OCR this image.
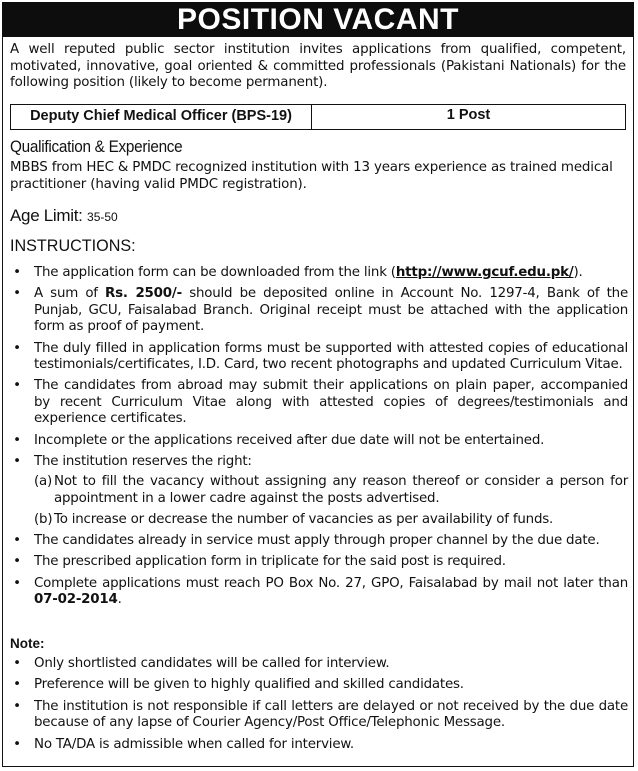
POSITION VACANT
A well reputed public sector institution invites applications from qualified, competent, motivated, innovative, goal oriented & committed professionals (Pakistani Nationals) for the following position (likely to become permanent).
Deputy Chief Medical Officer (BPS-19)	1 Post
Qualification & Experience
MBBS from HEC & PMDC recognized institution with 13 years experience as trained medical practitioner (having valid PMDC registration).
Age Limit: 35-50
INSTRUCTIONS:
• The application form can be downloaded from the link (http://www.gcuf.edu.pk/).
• A sum of Rs. 2500/- should be deposited online in Account No. 1297-4, Bank of the Punjab, GCU, Faisalabad Branch. Original receipt must be attached with the application form as proof of payment.
• The duly filled in application forms must be supported with attested copies of educational testimonials/certificates, I.D. Card, two recent photographs and updated Curriculum Vitae.
• The candidates from abroad may submit their applications on plain paper, accompanied by recent Curriculum Vitae along with attested copies of degrees/testimonials and experience certificates.
• Incomplete or the applications received after due date will not be entertained.
• The institution reserves the right:
(a) Not to fill the vacancy without assigning any reason thereof or consider a person for appointment in a lower cadre against the posts advertised.
(b) To increase or decrease the number of vacancies as per availability of funds.
• The candidates already in service must apply through proper channel by the due date.
• The prescribed application form in triplicate for the said post is required.
• Complete applications must reach PO Box No. 27, GPO, Faisalabad by mail not later than 07-02-2014.
Note:
• Only shortlisted candidates will be called for interview.
• Preference will be given to highly qualified and skilled candidates.
• The institution is not responsible if call letters are delayed or not received by the due date because of any lapse of Courier Agency/Post Office/Telephonic Message.
• No TA/DA is admissible when called for interview.
